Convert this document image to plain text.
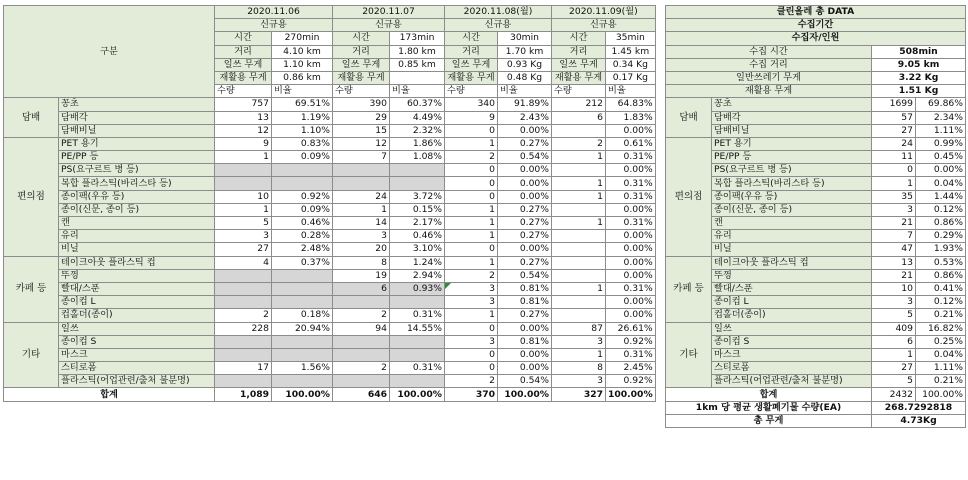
구분		2020.11.06		2020.11.07		2020.11.08(월)		2020.11.09(월)	
		신규용		신규용		신규용		신규용	
		시간	270min	시간	173min	시간	30min	시간	35min
		거리	4.10 km	거리	1.80 km	거리	1.70 km	거리	1.45 km
		일쓰 무게	1.10 km	일쓰 무게	0.85 km	일쓰 무게	0.93 Kg	일쓰 무게	0.34 Kg
		재활용 무게	0.86 km	재활용 무게		재활용 무게	0.48 Kg	재활용 무게	0.17 Kg
		수량	비율	수량	비율	수량	비율	수량	비율
담배	꽁초	757	69.51%	390	60.37%	340	91.89%	212	64.83%
	담배각	13	1.19%	29	4.49%	9	2.43%	6	1.83%
	담배비닐	12	1.10%	15	2.32%	0	0.00%		0.00%
편의점	PET 용기	9	0.83%	12	1.86%	1	0.27%	2	0.61%
	PE/PP 등	1	0.09%	7	1.08%	2	0.54%	1	0.31%
	PS(요구르트 병 등)					0	0.00%		0.00%
	복합 플라스틱(바리스타 등)					0	0.00%	1	0.31%
	종이팩(우유 등)	10	0.92%	24	3.72%	0	0.00%	1	0.31%
	종이(신문, 종이 등)	1	0.09%	1	0.15%	1	0.27%		0.00%
	캔	5	0.46%	14	2.17%	1	0.27%	1	0.31%
	유리	3	0.28%	3	0.46%	1	0.27%		0.00%
	비닐	27	2.48%	20	3.10%	0	0.00%		0.00%
카페 등	테이크아웃 플라스틱 컵	4	0.37%	8	1.24%	1	0.27%		0.00%
	뚜껑			19	2.94%	2	0.54%		0.00%
	빨대/스푼			6	0.93%	3	0.81%	1	0.31%
	종이컵 L					3	0.81%		0.00%
	컵홀더(종이)	2	0.18%	2	0.31%	1	0.27%		0.00%
기타	일쓰	228	20.94%	94	14.55%	0	0.00%	87	26.61%
	종이컵 S					3	0.81%	3	0.92%
	마스크					0	0.00%	1	0.31%
	스티로폼	17	1.56%	2	0.31%	0	0.00%	8	2.45%
	플라스틱(어업관련/출처 불분명)					2	0.54%	3	0.92%
합계		1,089	100.00%	646	100.00%	370	100.00%	327	100.00%
클린올레 총 DATA			
수집기간			
수집자/인원			
수집 시간		508min	
수집 거리		9.05 km	
일반쓰레기 무게		3.22 Kg	
재활용 무게		1.51 Kg	
담배	꽁초	1699	69.86%
	담배각	57	2.34%
	담배비닐	27	1.11%
편의점	PET 용기	24	0.99%
	PE/PP 등	11	0.45%
	PS(요구르트 병 등)	0	0.00%
	복합 플라스틱(바리스타 등)	1	0.04%
	종이팩(우유 등)	35	1.44%
	종이(신문, 종이 등)	3	0.12%
	캔	21	0.86%
	유리	7	0.29%
	비닐	47	1.93%
카페 등	테이크아웃 플라스틱 컵	13	0.53%
	뚜껑	21	0.86%
	빨대/스푼	10	0.41%
	종이컵 L	3	0.12%
	컵홀더(종이)	5	0.21%
기타	일쓰	409	16.82%
	종이컵 S	6	0.25%
	마스크	1	0.04%
	스티로폼	27	1.11%
	플라스틱(어업관련/출처 불분명)	5	0.21%
합계		2432	100.00%
1km 당 평균 생활폐기물 수량(EA)		268.7292818	
총 무게		4.73Kg	
